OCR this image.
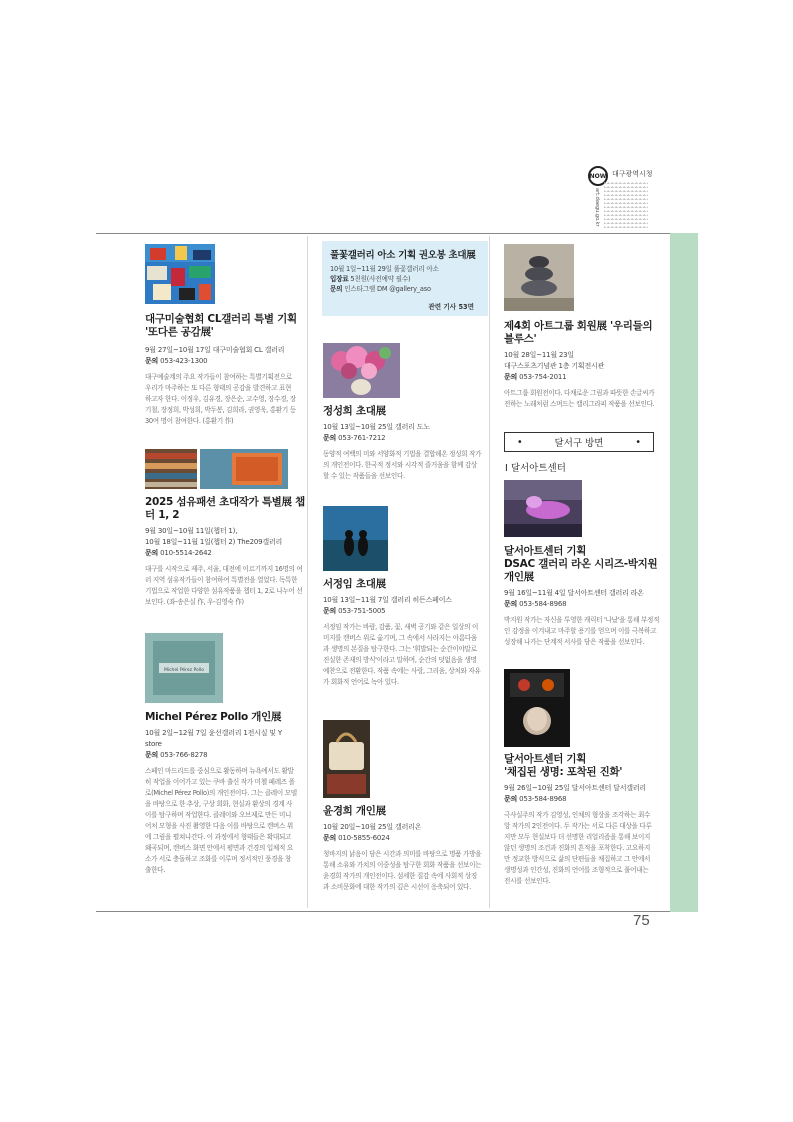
NOW 대구광역시청
art.daegu.go.kr
75
대구미술협회 CL갤러리 특별 기획
'또다른 공감展'
9월 27일~10월 17일 대구미술협회 CL 갤러리
문의 053-423-1300
대구예술계의 주요 작가들이 참여하는 특별기획전으로 우리가 마주하는 또 다른 형태의 공감을 발견하고 표현하고자 한다. 이정우, 김유경, 장은순, 고수영, 장수경, 장기철, 장정희, 박성희, 박두봉, 김희라, 권영욱, 홍환기 등 30여 명이 참여한다. (홍환기 作)
2025 섬유패션 초대작가 특별展 챕터 1, 2
9월 30일~10월 11일(챕터 1),
10월 18일~11월 1일(챕터 2) The209갤러리
문의 010-5514-2642
대구를 시작으로 제주, 서울, 대전에 이르기까지 16명의 여러 지역 섬유작가들이 참여하여 특별전을 열었다. 독특한 기법으로 작업한 다양한 섬유작품을 챕터 1, 2로 나누어 선보인다. (좌-송은실 作, 우-김영숙 作)
Michel Pérez Pollo
Michel Pérez Pollo 개인展
10월 2일~12월 7일 윤선갤러리 1전시실 및 Y store
문의 053-766-8278
스페인 마드리드를 중심으로 활동하며 뉴욕에서도 활발히 작업을 이어가고 있는 쿠바 출신 작가 미첼 페레즈 폴로(Michel Pérez Pollo)의 개인전이다. 그는 클레이 모델을 바탕으로 한 추상, 구상 회화, 현실과 환상의 경계 사이를 탐구하며 작업한다. 클레이와 오브제로 만든 미니어처 모형을 사진 촬영한 다음 이를 바탕으로 캔버스 위에 그림을 펼쳐나간다. 이 과정에서 형태들은 확대되고 왜곡되며, 캔버스 화면 안에서 평면과 건경의 입체적 요소가 서로 충돌하고 조화를 이루며 정서적인 풍경을 창출한다.
풀꽃갤러리 아소 기획 권오봉 초대展
10월 1일~11월 29일 풀꽃갤러리 아소
입장료 5천원(사전예약 필수)
문의 인스타그램 DM @gallery_aso
관련 기사 53면
정성희 초대展
10월 13일~10월 25일 갤러리 도노
문의 053-761-7212
동양적 여백의 미와 서양화적 기법을 결합해온 정성희 작가의 개인전이다. 한국적 정서와 시각적 즐거움을 함께 감상할 수 있는 작품들을 선보인다.
서정임 초대展
10월 13일~11월 7일 갤러리 히든스페이스
문의 053-751-5005
서정임 작가는 바람, 감품, 꽃, 새벽 공기와 같은 일상의 이미지를 캔버스 위로 옮기며, 그 속에서 사라지는 아름다움과 생명의 본질을 탐구한다. 그는 '휘발되는 순간이야말로 진실한 존재의 방식'이라고 말하며, 순간의 덧없음을 생명 예찬으로 전환한다. 작품 속에는 사랑, 그리움, 상처와 자유가 회화적 언어로 녹아 있다.
윤경희 개인展
10월 20일~10월 25일 갤러리온
문의 010-5855-6024
청바지의 낡음이 담은 시간과 의미를 바탕으로 명품 가방을 통해 소유와 가치의 이중성을 탐구한 회화 작품을 선보이는 윤경희 작가의 개인전이다. 섬세한 질감 속에 사회적 상징과 소비문화에 대한 작가의 깊은 시선이 응축되어 있다.
제4회 아트그룹 회원展 '우리들의 블루스'
10월 28일~11월 23일
대구스포츠기념관 1층 기획전시관
문의 053-754-2011
아트그룹 회원전이다. 다채로운 그림과 따뜻한 손글씨가 전하는 노래처럼 스며드는 캘리그라피 작품을 선보인다.
•	달서구 방면	•
I 달서아트센터
달서아트센터 기획
DSAC 갤러리 라온 시리즈-박지원 개인展
9월 16일~11월 4일 달서아트센터 갤러리 라온
문의 053-584-8968
박지원 작가는 자신을 투영한 캐릭터 '나났'을 통해 부정적인 감정을 이겨내고 마주할 용기를 얻으며 이를 극복하고 성장해 나가는 단계적 서사를 담은 작품을 선보인다.
달서아트센터 기획
'채집된 생명: 포착된 진화'
9월 26일~10월 25일 달서아트센터 달서갤러리
문의 053-584-8968
극사실주의 작가 김영성, 인체의 형상을 조각하는 최수앙 작가의 2인전이다. 두 작가는 서로 다른 대상을 다루지만 모두 현실보다 더 선명한 리얼리즘을 통해 보이지 않던 생명의 조건과 진화의 흔적을 포착한다. 고요하지만 정교한 방식으로 삶의 단편들을 채집하고 그 안에서 생명성과 인간성, 진화의 언어를 조형적으로 풀어내는 전시를 선보인다.
